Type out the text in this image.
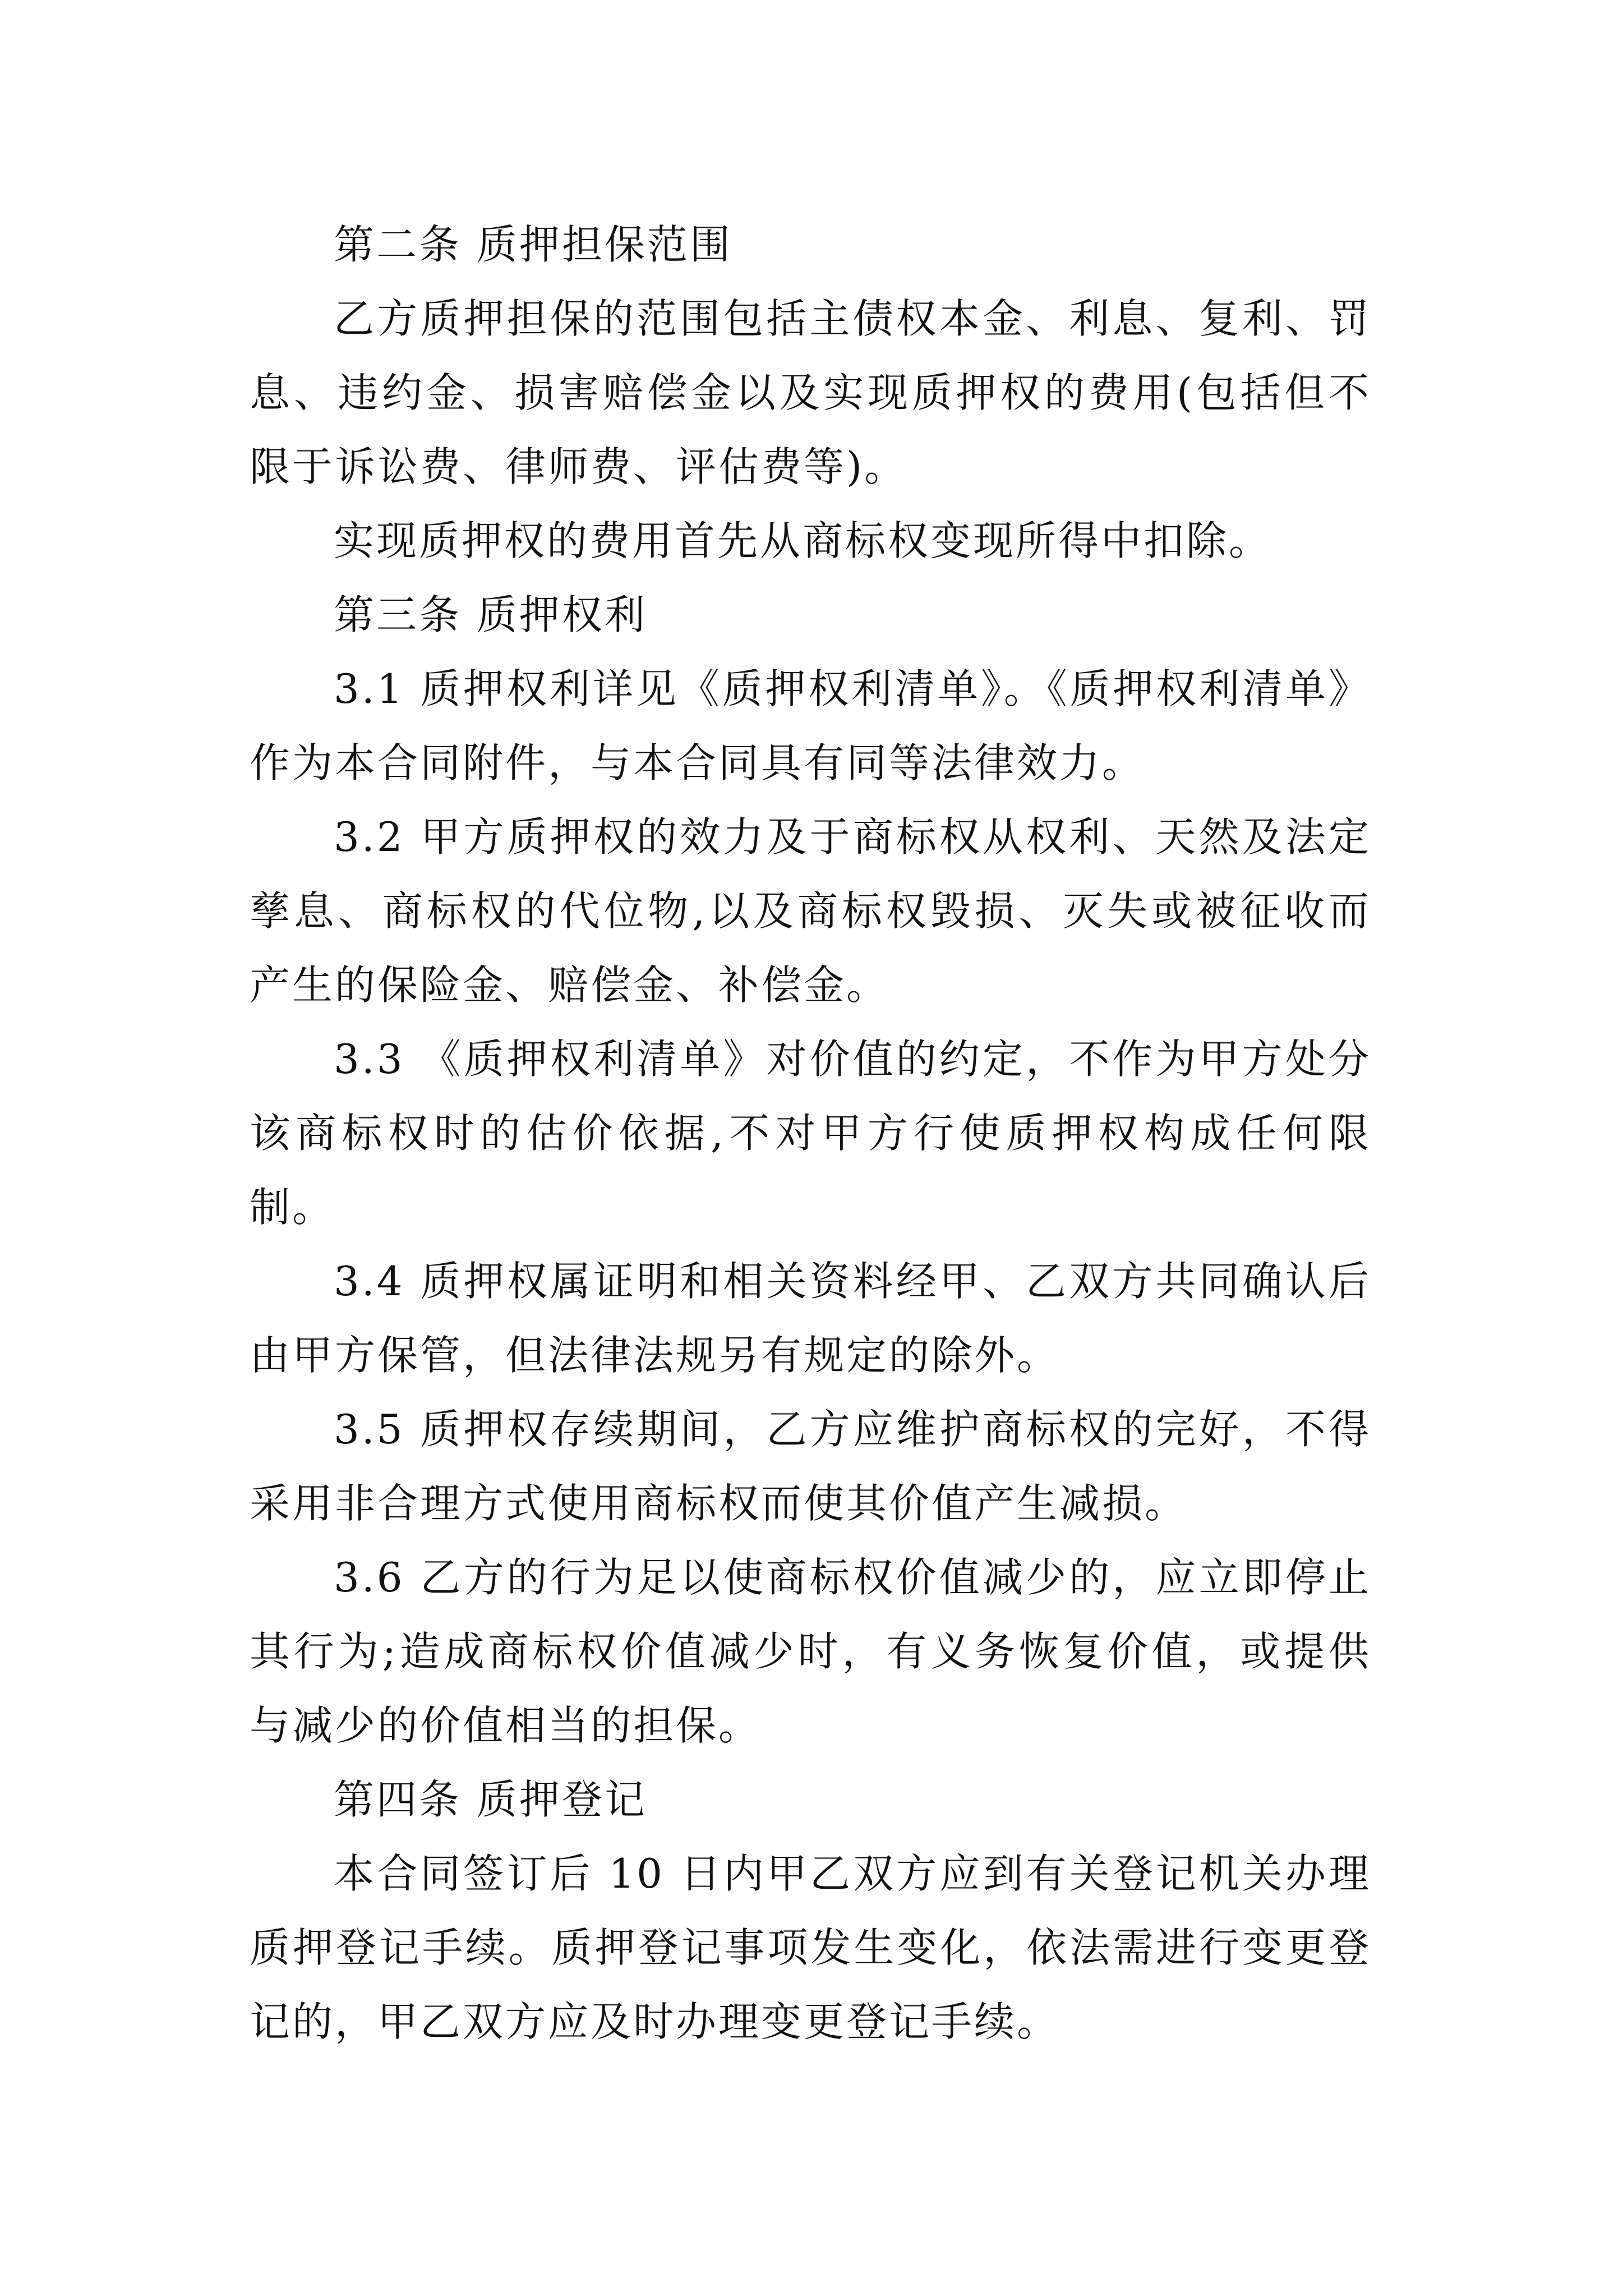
第二条 质押担保范围

乙方质押担保的范围包括主债权本金、利息、复利、罚息、违约金、损害赔偿金以及实现质押权的费用(包括但不限于诉讼费、律师费、评估费等)。

实现质押权的费用首先从商标权变现所得中扣除。

第三条 质押权利

3.1 质押权利详见《质押权利清单》。《质押权利清单》作为本合同附件，与本合同具有同等法律效力。

3.2 甲方质押权的效力及于商标权从权利、天然及法定孳息、商标权的代位物,以及商标权毁损、灭失或被征收而产生的保险金、赔偿金、补偿金。

3.3 《质押权利清单》对价值的约定，不作为甲方处分该商标权时的估价依据,不对甲方行使质押权构成任何限制。

3.4 质押权属证明和相关资料经甲、乙双方共同确认后由甲方保管，但法律法规另有规定的除外。

3.5 质押权存续期间，乙方应维护商标权的完好，不得采用非合理方式使用商标权而使其价值产生减损。

3.6 乙方的行为足以使商标权价值减少的，应立即停止其行为;造成商标权价值减少时，有义务恢复价值，或提供与减少的价值相当的担保。

第四条 质押登记

本合同签订后 10 日内甲乙双方应到有关登记机关办理质押登记手续。质押登记事项发生变化，依法需进行变更登记的，甲乙双方应及时办理变更登记手续。
